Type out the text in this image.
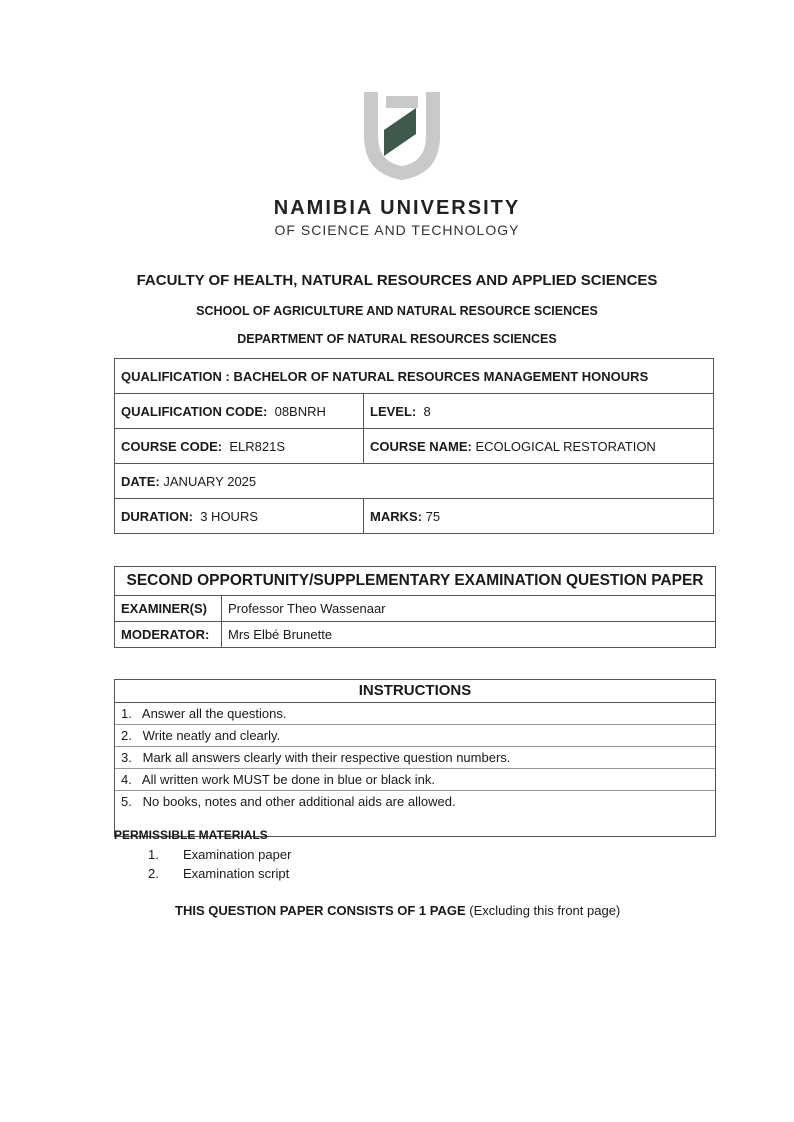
NAMIBIA UNIVERSITY
OF SCIENCE AND TECHNOLOGY
FACULTY OF HEALTH, NATURAL RESOURCES AND APPLIED SCIENCES
SCHOOL OF AGRICULTURE AND NATURAL RESOURCE SCIENCES
DEPARTMENT OF NATURAL RESOURCES SCIENCES
QUALIFICATION : BACHELOR OF NATURAL RESOURCES MANAGEMENT HONOURS	
QUALIFICATION CODE: 08BNRH	LEVEL: 8
COURSE CODE: ELR821S	COURSE NAME: ECOLOGICAL RESTORATION
DATE: JANUARY 2025	
DURATION: 3 HOURS	MARKS: 75
SECOND OPPORTUNITY/SUPPLEMENTARY EXAMINATION QUESTION PAPER	
EXAMINER(S)	Professor Theo Wassenaar
MODERATOR:	Mrs Elbé Brunette
INSTRUCTIONS
1. Answer all the questions.
2. Write neatly and clearly.
3. Mark all answers clearly with their respective question numbers.
4. All written work MUST be done in blue or black ink.
5. No books, notes and other additional aids are allowed.
PERMISSIBLE MATERIALS
1. Examination paper
2. Examination script
THIS QUESTION PAPER CONSISTS OF 1 PAGE (Excluding this front page)
